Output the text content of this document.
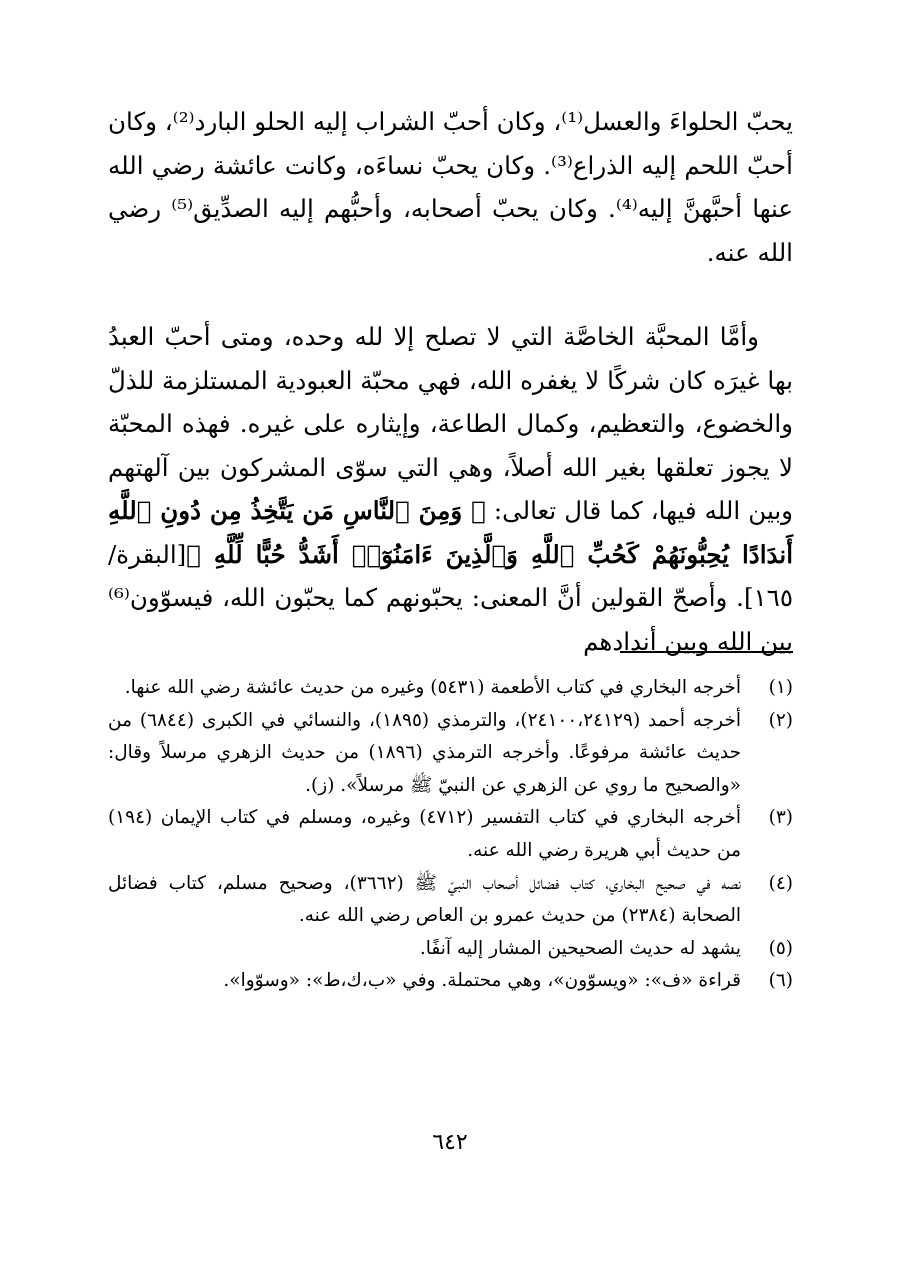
يحبّ الحلواءَ والعسل⁽¹⁾، وكان أحبّ الشراب إليه الحلو البارد⁽²⁾، وكان أحبّ اللحم إليه الذراع⁽³⁾. وكان يحبّ نساءَه، وكانت عائشة رضي الله عنها أحبَّهنَّ إليه⁽⁴⁾. وكان يحبّ أصحابه، وأحبُّهم إليه الصدِّيق⁽⁵⁾ رضي الله عنه.

وأمَّا المحبَّة الخاصَّة التي لا تصلح إلا لله وحده، ومتى أحبّ العبدُ بها غيرَه كان شركًا لا يغفره الله، فهي محبّة العبودية المستلزمة للذلّ والخضوع، والتعظيم، وكمال الطاعة، وإيثاره على غيره. فهذه المحبّة لا يجوز تعلقها بغير الله أصلاً، وهي التي سوّى المشركون بين آلهتهم وبين الله فيها، كما قال تعالى: ﴿ وَمِنَ ٱلنَّاسِ مَن يَتَّخِذُ مِن دُونِ ٱللَّهِ أَندَادًا يُحِبُّونَهُمْ كَحُبِّ ٱللَّهِ وَٱلَّذِينَ ءَامَنُوٓا۟ أَشَدُّ حُبًّا لِّلَّهِ ﴾[البقرة/ ١٦٥]. وأصحّ القولين أنَّ المعنى: يحبّونهم كما يحبّون الله، فيسوّون⁽⁶⁾ بين الله وبين أندادهم

(١)
أخرجه البخاري في كتاب الأطعمة (٥٤٣١) وغيره من حديث عائشة رضي الله عنها.
(٢)
أخرجه أحمد (٢٤١٠٠،٢٤١٢٩)، والترمذي (١٨٩٥)، والنسائي في الكبرى (٦٨٤٤) من حديث عائشة مرفوعًا. وأخرجه الترمذي (١٨٩٦) من حديث الزهري مرسلاً وقال: «والصحيح ما روي عن الزهري عن النبيّ ﷺ مرسلاً». (ز).
(٣)
أخرجه البخاري في كتاب التفسير (٤٧١٢) وغيره، ومسلم في كتاب الإيمان (١٩٤) من حديث أبي هريرة رضي الله عنه.
(٤)
نصه في صحيح البخاري، كتاب فضائل أصحاب النبيّ ﷺ (٣٦٦٢)، وصحيح مسلم، كتاب فضائل الصحابة (٢٣٨٤) من حديث عمرو بن العاص رضي الله عنه.
(٥)
يشهد له حديث الصحيحين المشار إليه آنفًا.
(٦)
قراءة «ف»: «ويسوّون»، وهي محتملة. وفي «ب،ك،ط»: «وسوّوا».
٦٤٢
